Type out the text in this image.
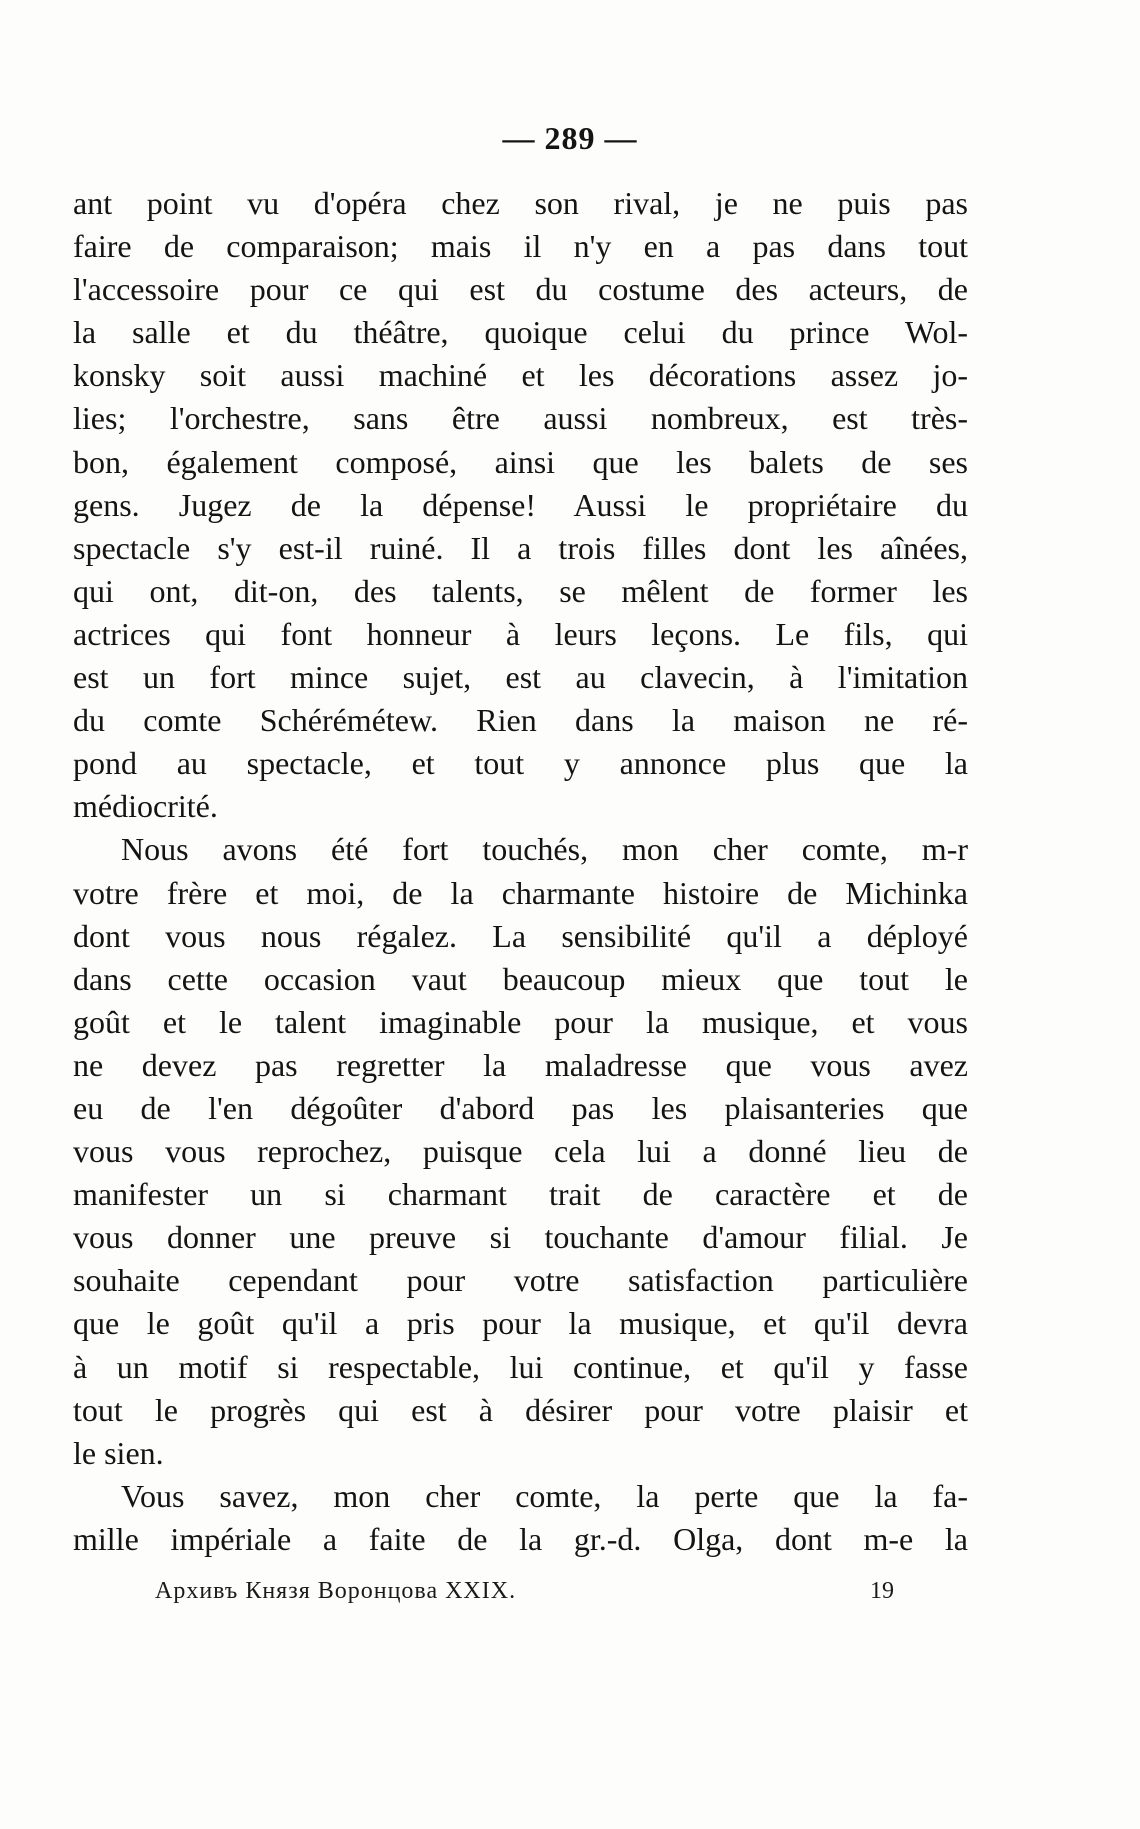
— 289 —
ant point vu d'opéra chez son rival, je ne puis pas
faire de comparaison; mais il n'y en a pas dans tout
l'accessoire pour ce qui est du costume des acteurs, de
la salle et du théâtre, quoique celui du prince Wol-
konsky soit aussi machiné et les décorations assez jo-
lies; l'orchestre, sans être aussi nombreux, est très-
bon, également composé, ainsi que les balets de ses
gens. Jugez de la dépense! Aussi le propriétaire du
spectacle s'y est-il ruiné. Il a trois filles dont les aînées,
qui ont, dit-on, des talents, se mêlent de former les
actrices qui font honneur à leurs leçons. Le fils, qui
est un fort mince sujet, est au clavecin, à l'imitation
du comte Schérémétew. Rien dans la maison ne ré-
pond au spectacle, et tout y annonce plus que la
médiocrité.
Nous avons été fort touchés, mon cher comte, m-r
votre frère et moi, de la charmante histoire de Michinka
dont vous nous régalez. La sensibilité qu'il a déployé
dans cette occasion vaut beaucoup mieux que tout le
goût et le talent imaginable pour la musique, et vous
ne devez pas regretter la maladresse que vous avez
eu de l'en dégoûter d'abord pas les plaisanteries que
vous vous reprochez, puisque cela lui a donné lieu de
manifester un si charmant trait de caractère et de
vous donner une preuve si touchante d'amour filial. Je
souhaite cependant pour votre satisfaction particulière
que le goût qu'il a pris pour la musique, et qu'il devra
à un motif si respectable, lui continue, et qu'il y fasse
tout le progrès qui est à désirer pour votre plaisir et
le sien.
Vous savez, mon cher comte, la perte que la fa-
mille impériale a faite de la gr.-d. Olga, dont m-e la
Архивъ Князя Воронцова XXIX.	19
